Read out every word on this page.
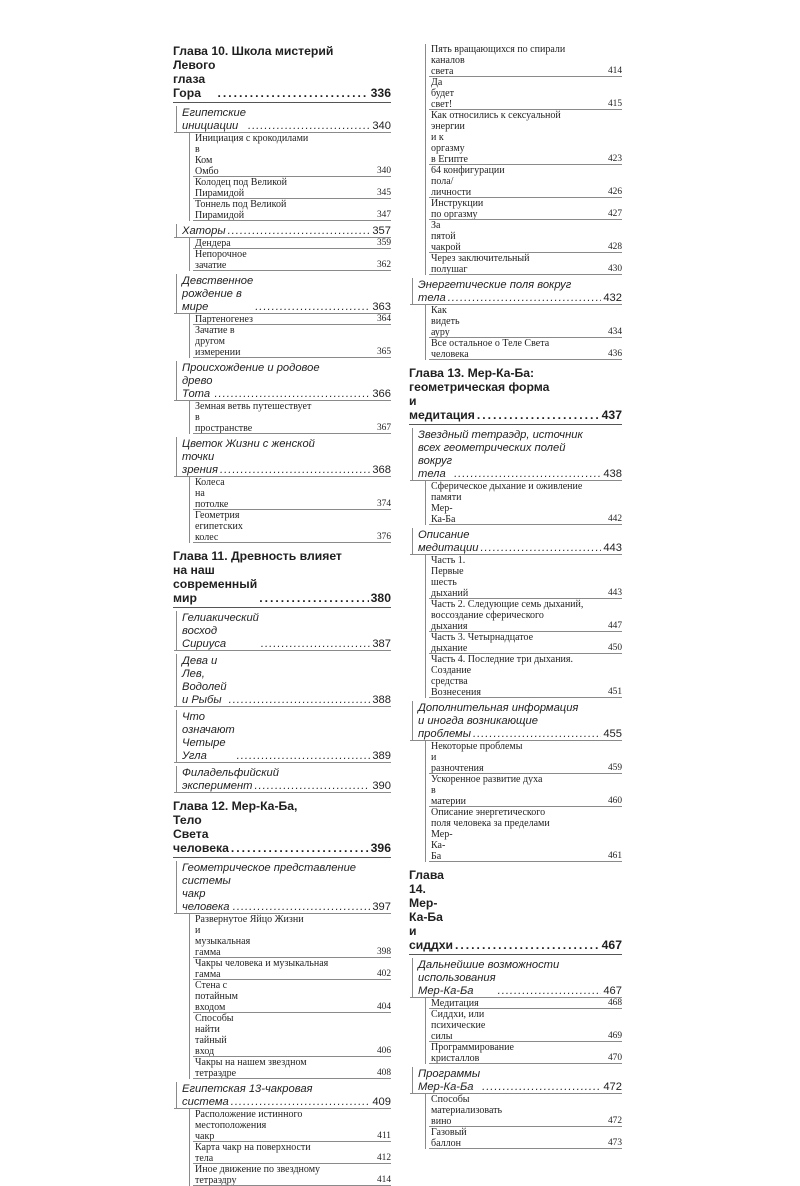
Глава 10. Школа мистерий
Левого глаза Гора .....	336
Египетские инициации .....	340
Инициация с крокодилами
в Ком Омбо	340
Колодец под Великой
Пирамидой	345
Тоннель под Великой
Пирамидой	347
Хаторы .....	357
Дендера	359
Непорочное зачатие	362
Девственное рождение в мире .....	363
Партеногенез	364
Зачатие в другом измерении	365
Происхождение и родовое
древо Тота .....	366
Земная ветвь путешествует
в пространстве	367
Цветок Жизни с женской
точки зрения .....	368
Колеса на потолке	374
Геометрия египетских колес	376
Глава 11. Древность влияет
на наш современный мир .....	380
Гелиакический восход Сириуса .....	387
Дева и Лев, Водолей и Рыбы .....	388
Что означают Четыре Угла .....	389
Филадельфийский
эксперимент .....	390
Глава 12. Мер-Ка-Ба,
Тело Света человека .....	396
Геометрическое представление
системы чакр человека .....	397
Развернутое Яйцо Жизни
и музыкальная гамма	398
Чакры человека и музыкальная
гамма	402
Стена с потайным входом	404
Способы найти тайный вход	406
Чакры на нашем звездном
тетраэдре	408
Египетская 13-чакровая
система .....	409
Расположение истинного
местоположения чакр	411
Карта чакр на поверхности
тела	412
Иное движение по звездному
тетраэдру	414
Пять вращающихся по спирали
каналов света	414
Да будет свет!	415
Как относились к сексуальной
энергии и к оргазму в Египте	423
64 конфигурации
пола/личности	426
Инструкции по оргазму	427
За пятой чакрой	428
Через заключительный
полушаг	430
Энергетические поля вокруг
тела .....	432
Как видеть ауру	434
Все остальное о Теле Света
человека	436
Глава 13. Мер-Ка-Ба:
геометрическая форма
и медитация .....	437
Звездный тетраэдр, источник
всех геометрических полей
вокруг тела .....	438
Сферическое дыхание и оживление
памяти Мер-Ка-Ба	442
Описание медитации .....	443
Часть 1. Первые шесть дыханий	443
Часть 2. Следующие семь дыханий,
воссоздание сферического
дыхания	447
Часть 3. Четырнадцатое
дыхание	450
Часть 4. Последние три дыхания.
Создание средства Вознесения	451
Дополнительная информация
и иногда возникающие
проблемы .....	455
Некоторые проблемы
и разночтения	459
Ускоренное развитие духа
в материи	460
Описание энергетического
поля человека за пределами
Мер-Ка-Ба	461
Глава 14. Мер-Ка-Ба и сиддхи .....	467
Дальнейшие возможности
использования Мер-Ка-Ба .....	467
Медитация	468
Сиддхи, или психические силы	469
Программирование кристаллов	470
Программы Мер-Ка-Ба .....	472
Способы материализовать вино	472
Газовый баллон	473
